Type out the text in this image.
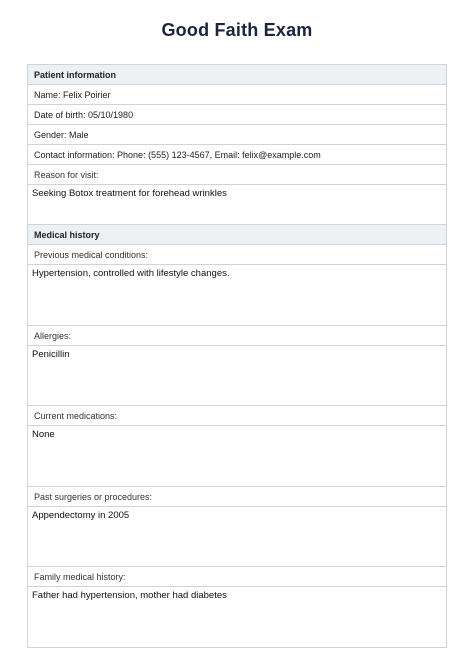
Good Faith Exam
Patient information
Name: Felix Poirier
Date of birth: 05/10/1980
Gender: Male
Contact information: Phone: (555) 123-4567, Email: felix@example.com
Reason for visit:
Seeking Botox treatment for forehead wrinkles
Medical history
Previous medical conditions:
Hypertension, controlled with lifestyle changes.
Allergies:
Penicillin
Current medications:
None
Past surgeries or procedures:
Appendectomy in 2005
Family medical history:
Father had hypertension, mother had diabetes
